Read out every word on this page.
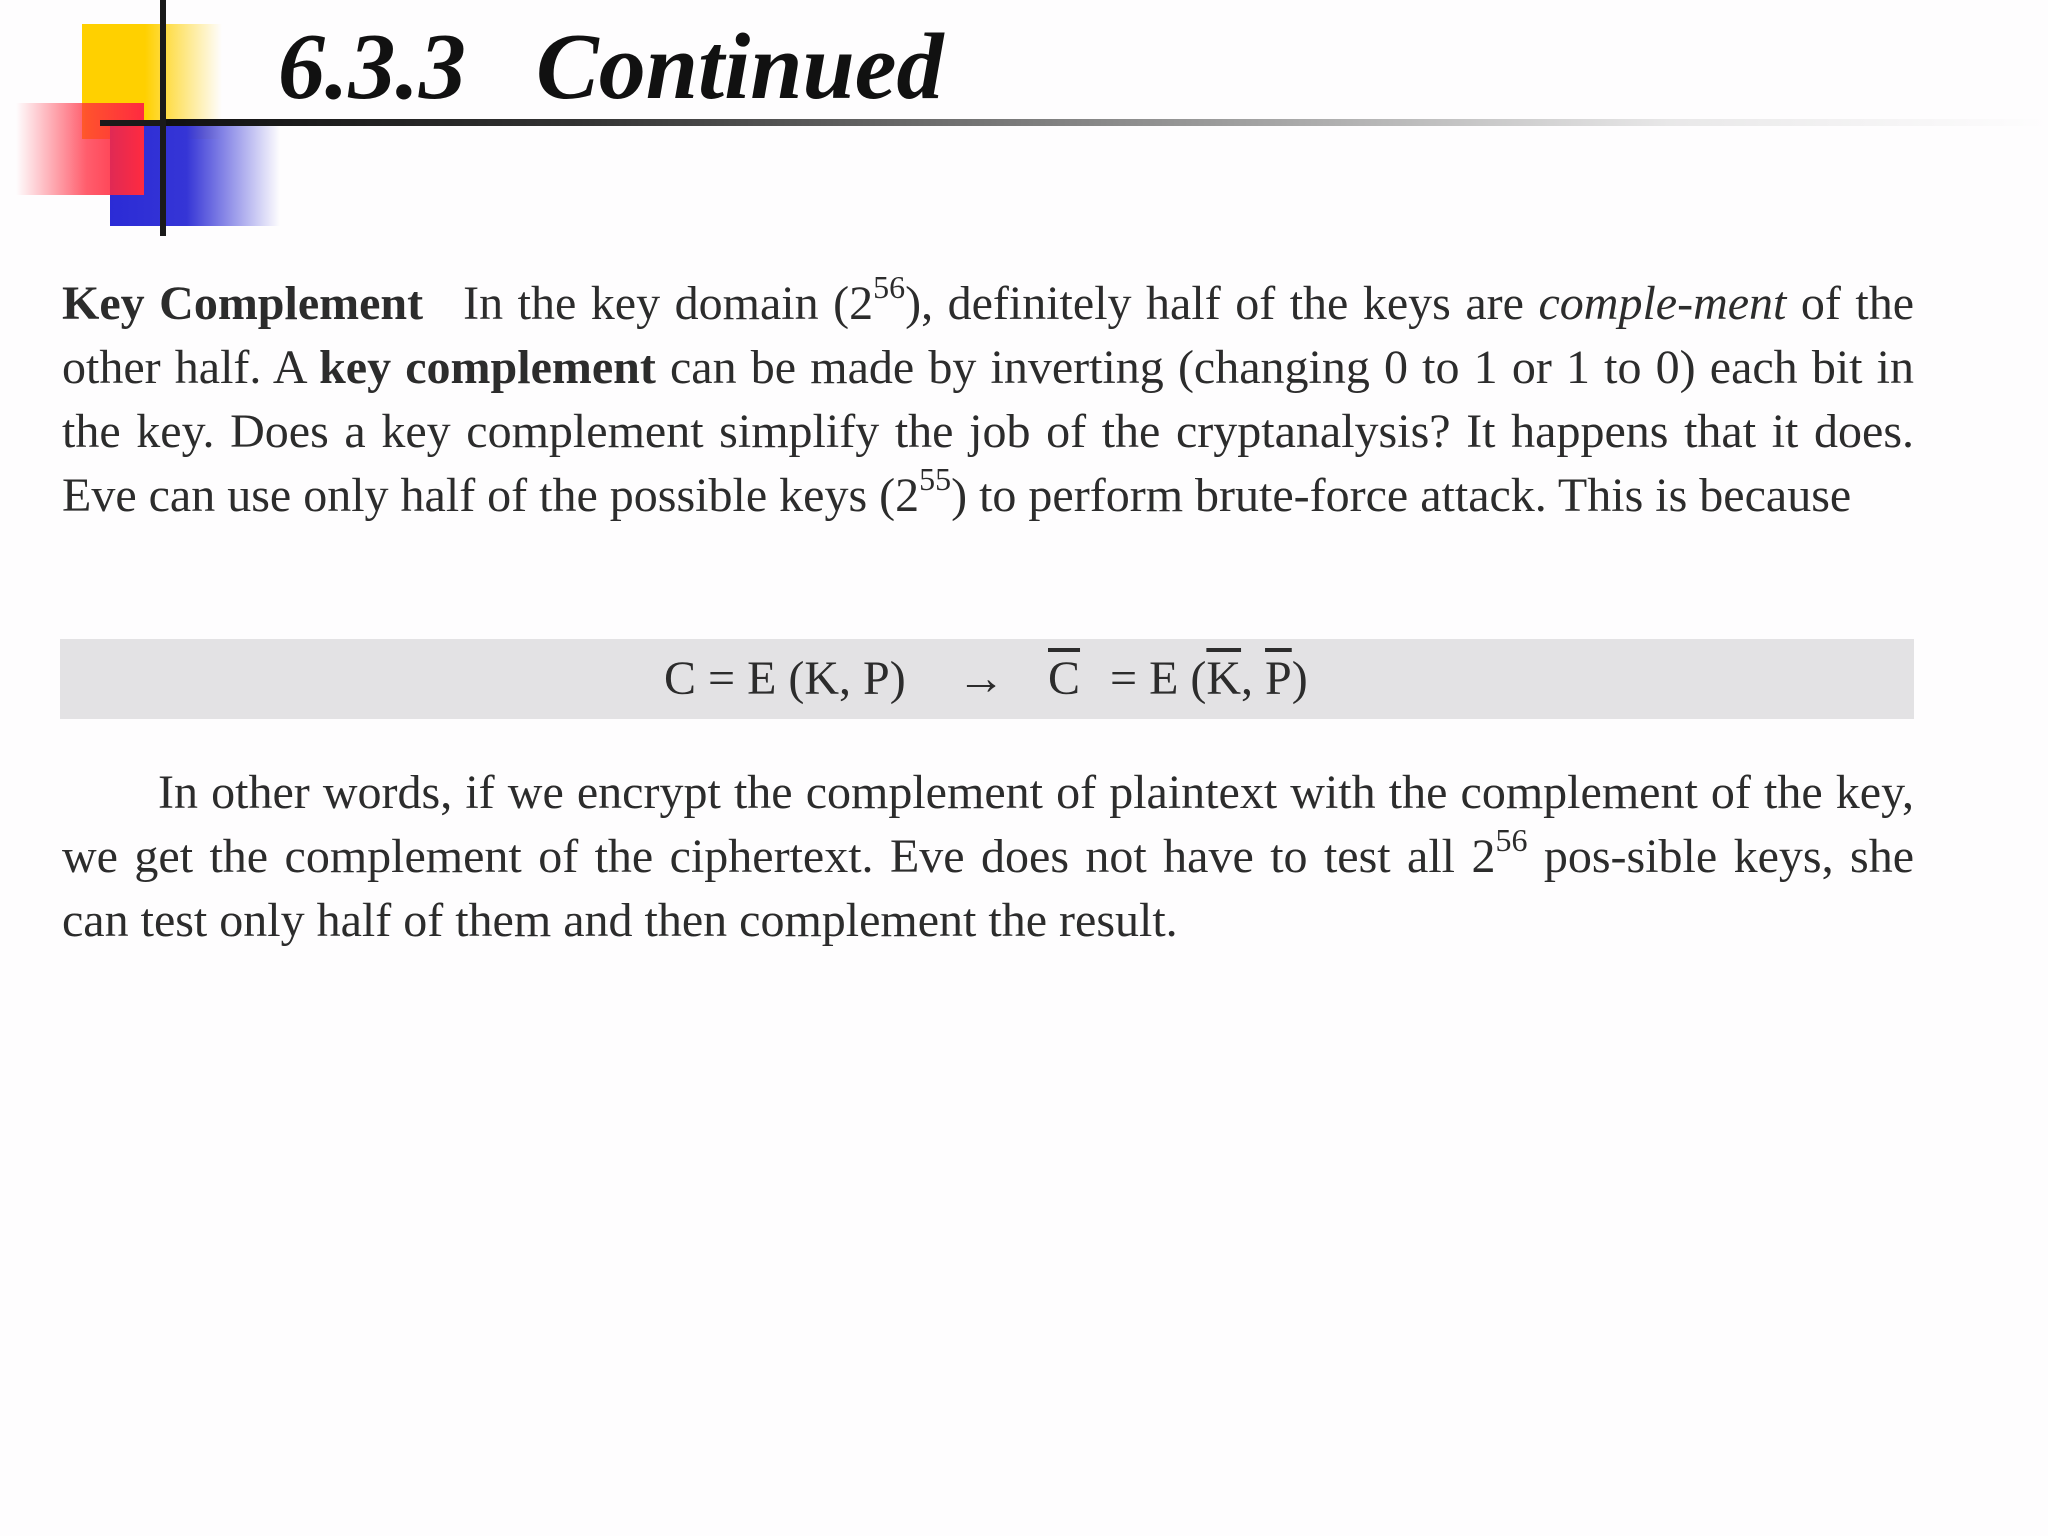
6.3.3 Continued

Key Complement In the key domain $(2^{56})$, definitely half of the keys are comple-ment of the other half. A key complement can be made by inverting (changing 0 to 1 or 1 to 0) each bit in the key. Does a key complement simplify the job of the cryptanalysis? It happens that it does. Eve can use only half of the possible keys $(2^{55})$ to perform brute-force attack. This is because

C = E (K, $P) \to \overline{C} = E$ ($\overline{K}$, $\overline{P}$)

In other words, if we encrypt the complement of plaintext with the complement of the key, we get the complement of the ciphertext. Eve does not have to test all $2^{56}$ pos-sible keys, she can test only half of them and then complement the result.
